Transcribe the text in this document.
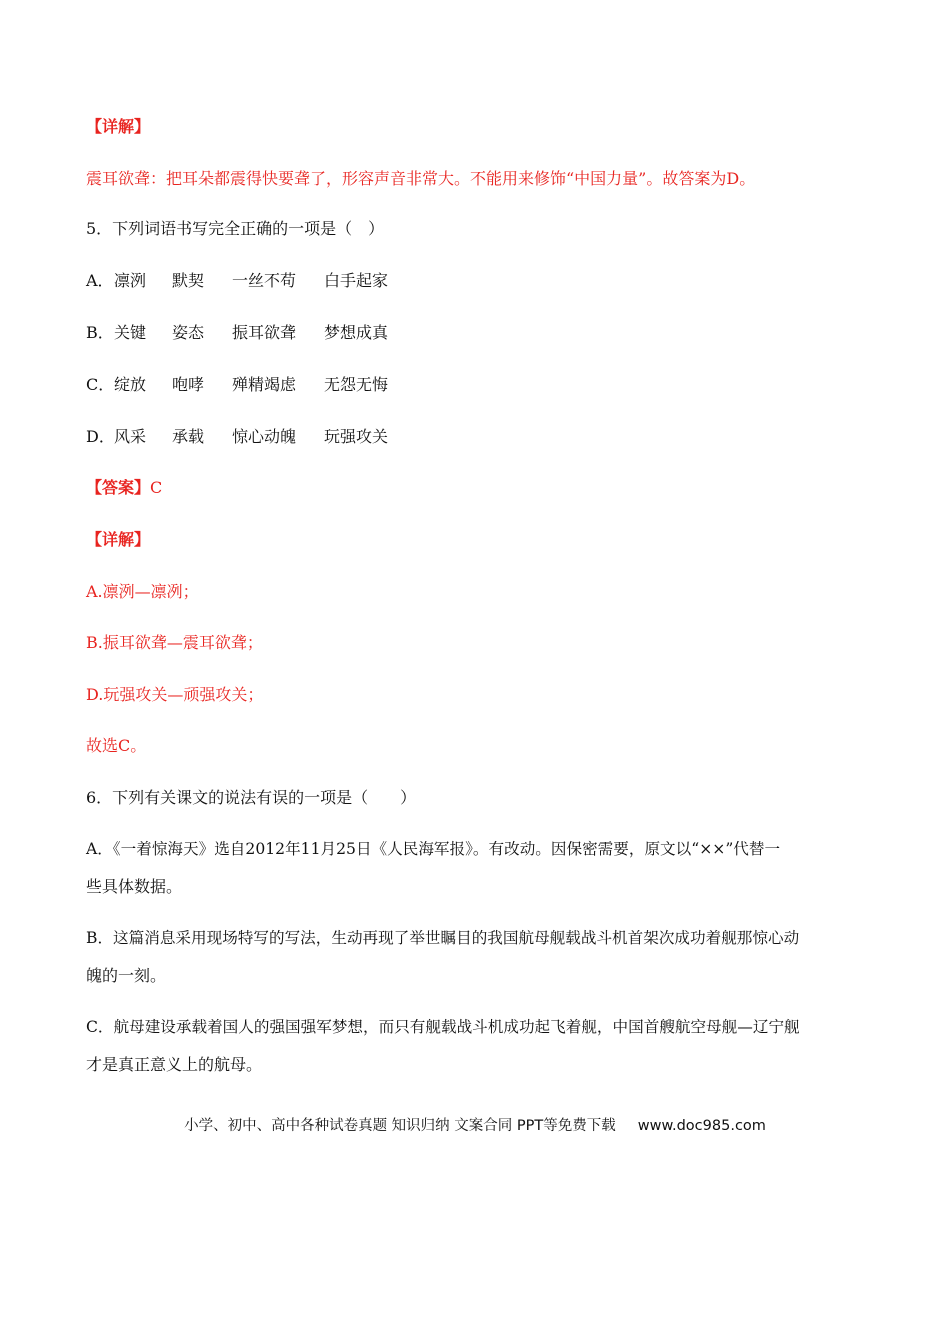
【详解】
震耳欲聋：把耳朵都震得快要聋了，形容声音非常大。不能用来修饰“中国力量”。故答案为D。
5．下列词语书写完全正确的一项是（　）
A． 凛洌	默契	一丝不苟	白手起家
B． 关键	姿态	振耳欲聋	梦想成真
C． 绽放	咆哮	殚精竭虑	无怨无悔
D． 风采	承载	惊心动魄	玩强攻关
【答案】C
【详解】
A.凛洌—凛冽；
B.振耳欲聋—震耳欲聋；
D.玩强攻关—顽强攻关；
故选C。
6．下列有关课文的说法有误的一项是（　　）
A．《一着惊海天》选自2012年11月25日《人民海军报》。有改动。因保密需要，原文以“××”代替一
些具体数据。
B．这篇消息采用现场特写的写法，生动再现了举世瞩目的我国航母舰载战斗机首架次成功着舰那惊心动
魄的一刻。
C．航母建设承载着国人的强国强军梦想，而只有舰载战斗机成功起飞着舰，中国首艘航空母舰—辽宁舰
才是真正意义上的航母。
小学、初中、高中各种试卷真题 知识归纳 文案合同 PPT等免费下载 www.doc985.com
